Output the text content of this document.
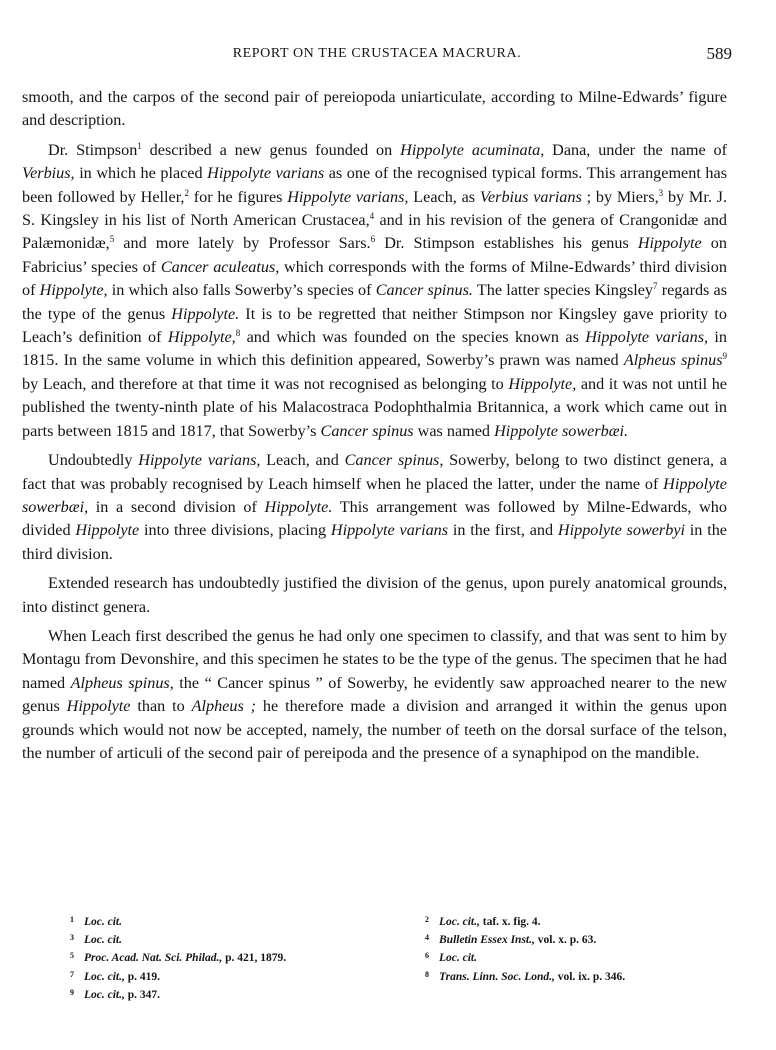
REPORT ON THE CRUSTACEA MACRURA.	589

smooth, and the carpos of the second pair of pereiopoda uniarticulate, according to Milne-Edwards’ figure and description.

Dr. Stimpson$^1$ described a new genus founded on Hippolyte acuminata, Dana, under the name of Verbius, in which he placed Hippolyte varians as one of the recognised typical forms. This arrangement has been followed by Heller,$^2$ for he figures Hippolyte varians, Leach, as Verbius varians ; by Miers,$^3$ by Mr. J. S. Kingsley in his list of North American Crustacea,$^4$ and in his revision of the genera of Crangonidæ and Palæmonidæ,$^5$ and more lately by Professor Sars.$^6$ Dr. Stimpson establishes his genus Hippolyte on Fabricius’ species of Cancer aculeatus, which corresponds with the forms of Milne-Edwards’ third division of Hippolyte, in which also falls Sowerby’s species of Cancer spinus. The latter species Kingsley$^7$ regards as the type of the genus Hippolyte. It is to be regretted that neither Stimpson nor Kingsley gave priority to Leach’s definition of Hippolyte,$^8$ and which was founded on the species known as Hippolyte varians, in 1815. In the same volume in which this definition appeared, Sowerby’s prawn was named Alpheus spinus$^9$ by Leach, and therefore at that time it was not recognised as belonging to Hippolyte, and it was not until he published the twenty-ninth plate of his Malacostraca Podophthalmia Britannica, a work which came out in parts between 1815 and 1817, that Sowerby’s Cancer spinus was named Hippolyte sowerbæi.

Undoubtedly Hippolyte varians, Leach, and Cancer spinus, Sowerby, belong to two distinct genera, a fact that was probably recognised by Leach himself when he placed the latter, under the name of Hippolyte sowerbæi, in a second division of Hippolyte. This arrangement was followed by Milne-Edwards, who divided Hippolyte into three divisions, placing Hippolyte varians in the first, and Hippolyte sowerbyi in the third division.

Extended research has undoubtedly justified the division of the genus, upon purely anatomical grounds, into distinct genera.

When Leach first described the genus he had only one specimen to classify, and that was sent to him by Montagu from Devonshire, and this specimen he states to be the type of the genus. The specimen that he had named Alpheus spinus, the “ Cancer spinus ” of Sowerby, he evidently saw approached nearer to the new genus Hippolyte than to Alpheus ; he therefore made a division and arranged it within the genus upon grounds which would not now be accepted, namely, the number of teeth on the dorsal surface of the telson, the number of articuli of the second pair of pereipoda and the presence of a synaphipod on the mandible.

1 Loc. cit.
3 Loc. cit.
5 Proc. Acad. Nat. Sci. Philad., p. 421, 1879.
7 Loc. cit., p. 419.
9 Loc. cit., p. 347.
2 Loc. cit., taf. x. fig. 4.
4 Bulletin Essex Inst., vol. x. p. 63.
6 Loc. cit.
8 Trans. Linn. Soc. Lond., vol. ix. p. 346.
